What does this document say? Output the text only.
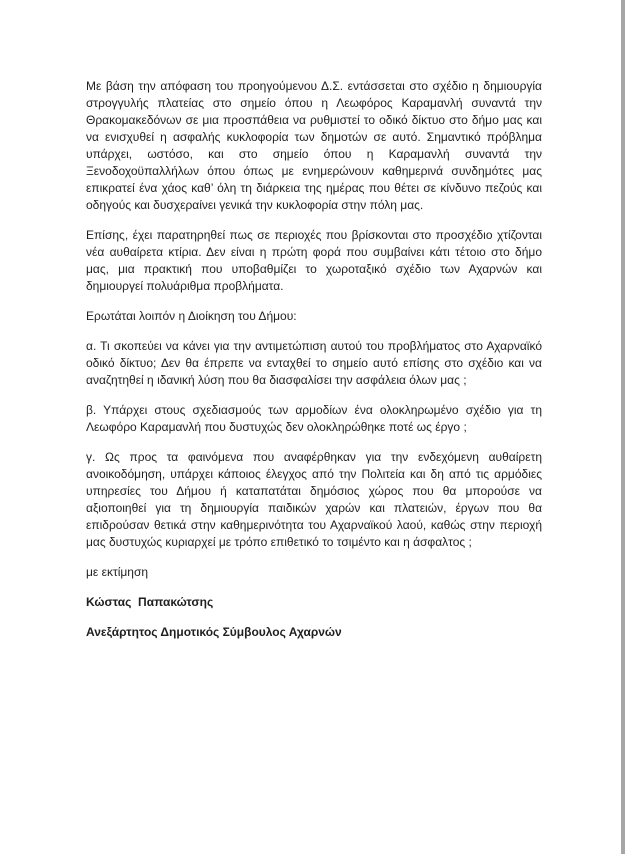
Με βάση την απόφαση του προηγούμενου Δ.Σ. εντάσσεται στο σχέδιο η δημιουργία στρογγυλής πλατείας στο σημείο όπου η Λεωφόρος Καραμανλή συναντά την Θρακομακεδόνων σε μια προσπάθεια να ρυθμιστεί το οδικό δίκτυο στο δήμο μας και να ενισχυθεί η ασφαλής κυκλοφορία των δημοτών σε αυτό. Σημαντικό πρόβλημα υπάρχει, ωστόσο, και στο σημείο όπου η Καραμανλή συναντά την Ξενοδοχοϋπαλλήλων όπου όπως με ενημερώνουν καθημερινά συνδημότες μας επικρατεί ένα χάος καθ’ όλη τη διάρκεια της ημέρας που θέτει σε κίνδυνο πεζούς και οδηγούς και δυσχεραίνει γενικά την κυκλοφορία στην πόλη μας.

Επίσης, έχει παρατηρηθεί πως σε περιοχές που βρίσκονται στο προσχέδιο χτίζονται νέα αυθαίρετα κτίρια. Δεν είναι η πρώτη φορά που συμβαίνει κάτι τέτοιο στο δήμο μας, μια πρακτική που υποβαθμίζει το χωροταξικό σχέδιο των Αχαρνών και δημιουργεί πολυάριθμα προβλήματα.

Ερωτάται λοιπόν η Διοίκηση του Δήμου:

α. Τι σκοπεύει να κάνει για την αντιμετώπιση αυτού του προβλήματος στο Αχαρναϊκό οδικό δίκτυο; Δεν θα έπρεπε να ενταχθεί το σημείο αυτό επίσης στο σχέδιο και να αναζητηθεί η ιδανική λύση που θα διασφαλίσει την ασφάλεια όλων μας ;

β. Υπάρχει στους σχεδιασμούς των αρμοδίων ένα ολοκληρωμένο σχέδιο για τη Λεωφόρο Καραμανλή που δυστυχώς δεν ολοκληρώθηκε ποτέ ως έργο ;

γ. Ως προς τα φαινόμενα που αναφέρθηκαν για την ενδεχόμενη αυθαίρετη ανοικοδόμηση, υπάρχει κάποιος έλεγχος από την Πολιτεία και δη από τις αρμόδιες υπηρεσίες του Δήμου ή καταπατάται δημόσιος χώρος που θα μπορούσε να αξιοποιηθεί για τη δημιουργία παιδικών χαρών και πλατειών, έργων που θα επιδρούσαν θετικά στην καθημερινότητα του Αχαρναϊκού λαού, καθώς στην περιοχή μας δυστυχώς κυριαρχεί με τρόπο επιθετικό το τσιμέντο και η άσφαλτος ;

με εκτίμηση

Κώστας  Παπακώτσης

Ανεξάρτητος Δημοτικός Σύμβουλος Αχαρνών
